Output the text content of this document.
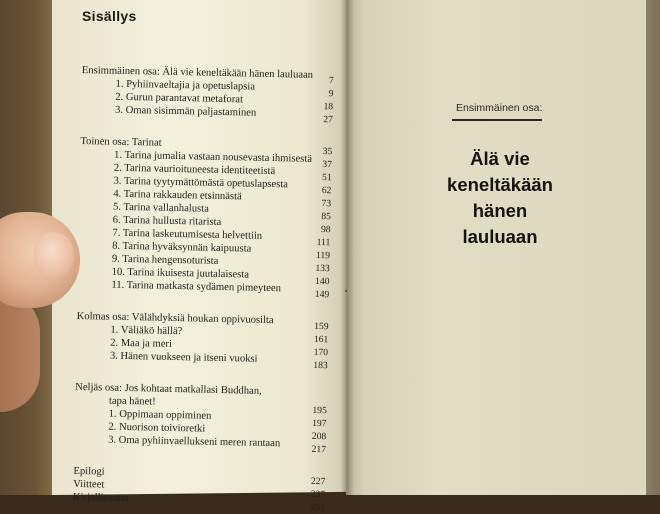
Sisällys
Ensimmäinen osa: Älä vie keneltäkään hänen lauluaan	7
1. Pyhiinvaeltajia ja opetuslapsia
9
2. Gurun parantavat metaforat
18
3. Oman sisimmän paljastaminen
27
Toinen osa: Tarinat
35
1. Tarina jumalia vastaan nousevasta ihmisestä	37
2. Tarina vaurioituneesta identiteetistä
51
3. Tarina tyytymättömästä opetuslapsesta
62
4. Tarina rakkauden etsinnästä
73
5. Tarina vallanhalusta
85
6. Tarina hullusta ritarista
98
7. Tarina laskeutumisesta helvettiin
111
8. Tarina hyväksynnän kaipuusta
119
9. Tarina hengensoturista
133
10. Tarina ikuisesta juutalaisesta
140
11. Tarina matkasta sydämen pimeyteen
149
Kolmas osa: Välähdyksiä houkan oppivuosilta
159
1. Väliäkö hällä?
161
2. Maa ja meri
170
3. Hänen vuokseen ja itseni vuoksi
183
Neljäs osa: Jos kohtaat matkallasi Buddhan,
tapa hänet!
195
1. Oppimaan oppiminen
197
2. Nuorison toivioretki
208
3. Oma pyhiinvaellukseni meren rantaan
217
Epilogi
227
Viitteet
237
Kirjallisuutta
251
Ensimmäinen osa:
Älä vie
keneltäkään
hänen
lauluaan
